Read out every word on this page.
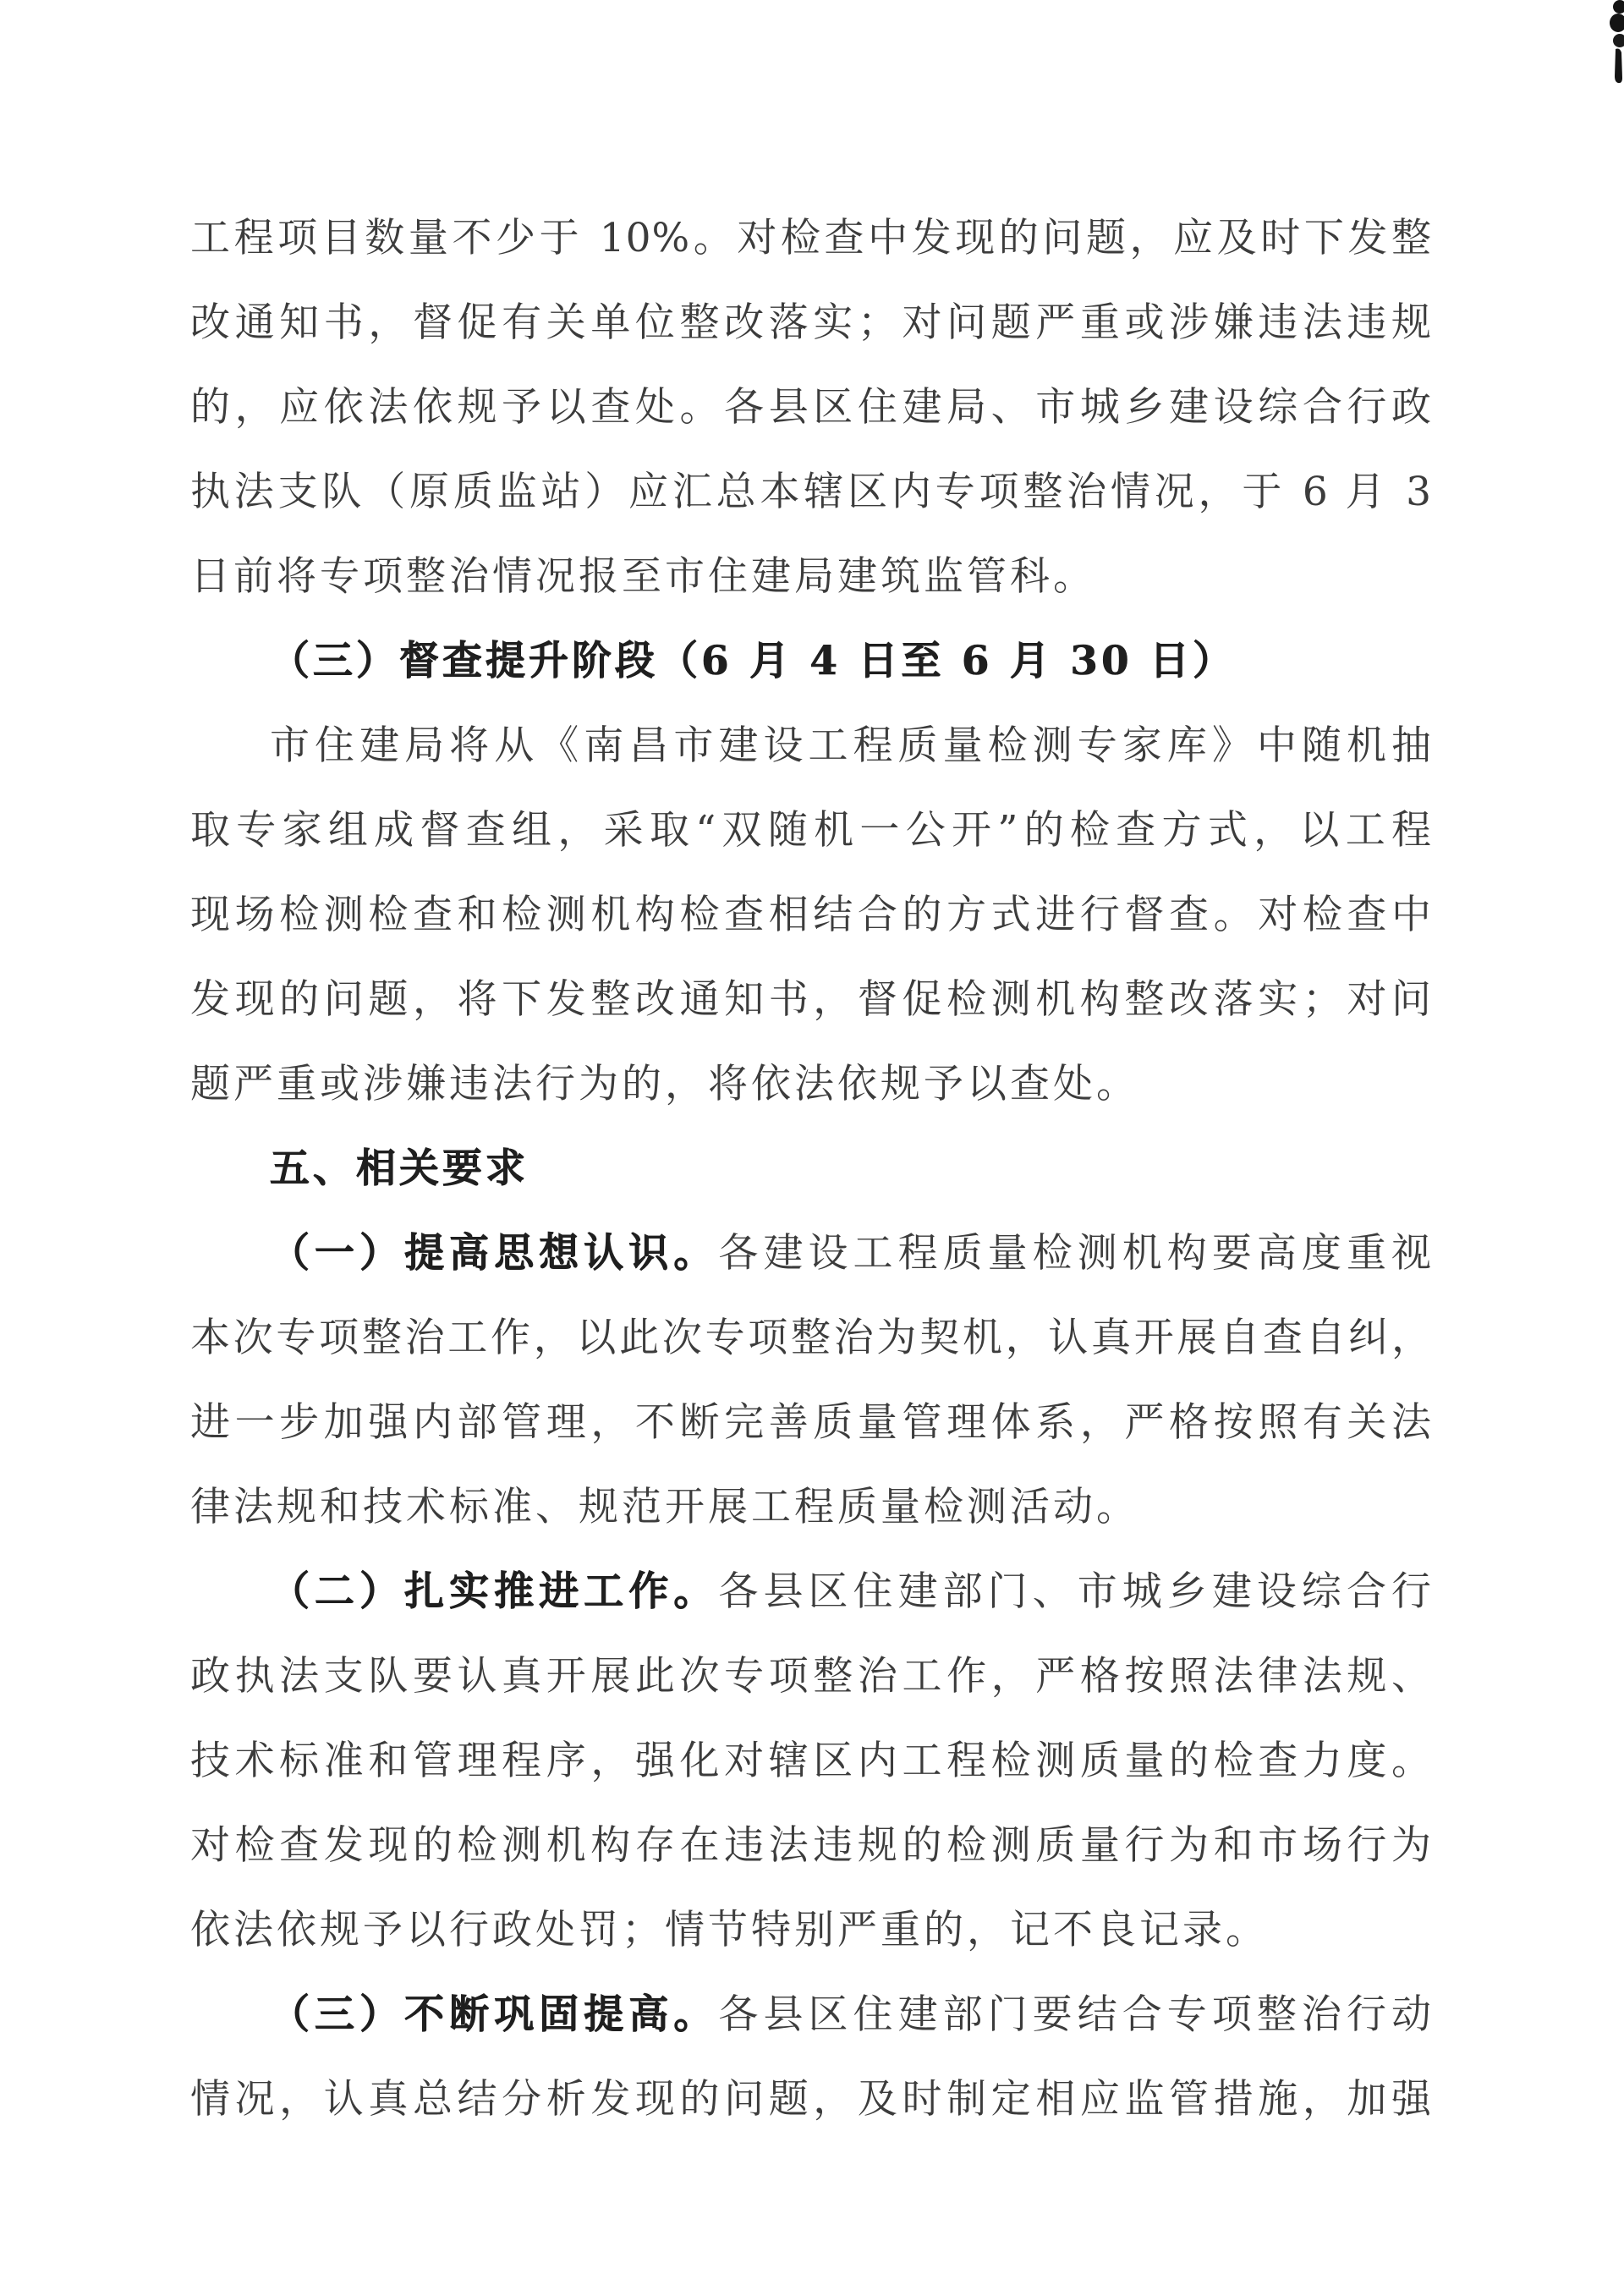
工程项目数量不少于 10%。对检查中发现的问题，应及时下发整
改通知书，督促有关单位整改落实；对问题严重或涉嫌违法违规
的，应依法依规予以查处。各县区住建局、市城乡建设综合行政
执法支队（原质监站）应汇总本辖区内专项整治情况，于 6 月 3
日前将专项整治情况报至市住建局建筑监管科。
（三）督查提升阶段（6 月 4 日至 6 月 30 日）
市住建局将从《南昌市建设工程质量检测专家库》中随机抽
取专家组成督查组，采取“双随机一公开”的检查方式，以工程
现场检测检查和检测机构检查相结合的方式进行督查。对检查中
发现的问题，将下发整改通知书，督促检测机构整改落实；对问
题严重或涉嫌违法行为的，将依法依规予以查处。
五、相关要求
（一）提高思想认识。各建设工程质量检测机构要高度重视
本次专项整治工作，以此次专项整治为契机，认真开展自查自纠，
进一步加强内部管理，不断完善质量管理体系，严格按照有关法
律法规和技术标准、规范开展工程质量检测活动。
（二）扎实推进工作。各县区住建部门、市城乡建设综合行
政执法支队要认真开展此次专项整治工作，严格按照法律法规、
技术标准和管理程序，强化对辖区内工程检测质量的检查力度。
对检查发现的检测机构存在违法违规的检测质量行为和市场行为
依法依规予以行政处罚；情节特别严重的，记不良记录。
（三）不断巩固提高。各县区住建部门要结合专项整治行动
情况，认真总结分析发现的问题，及时制定相应监管措施，加强
